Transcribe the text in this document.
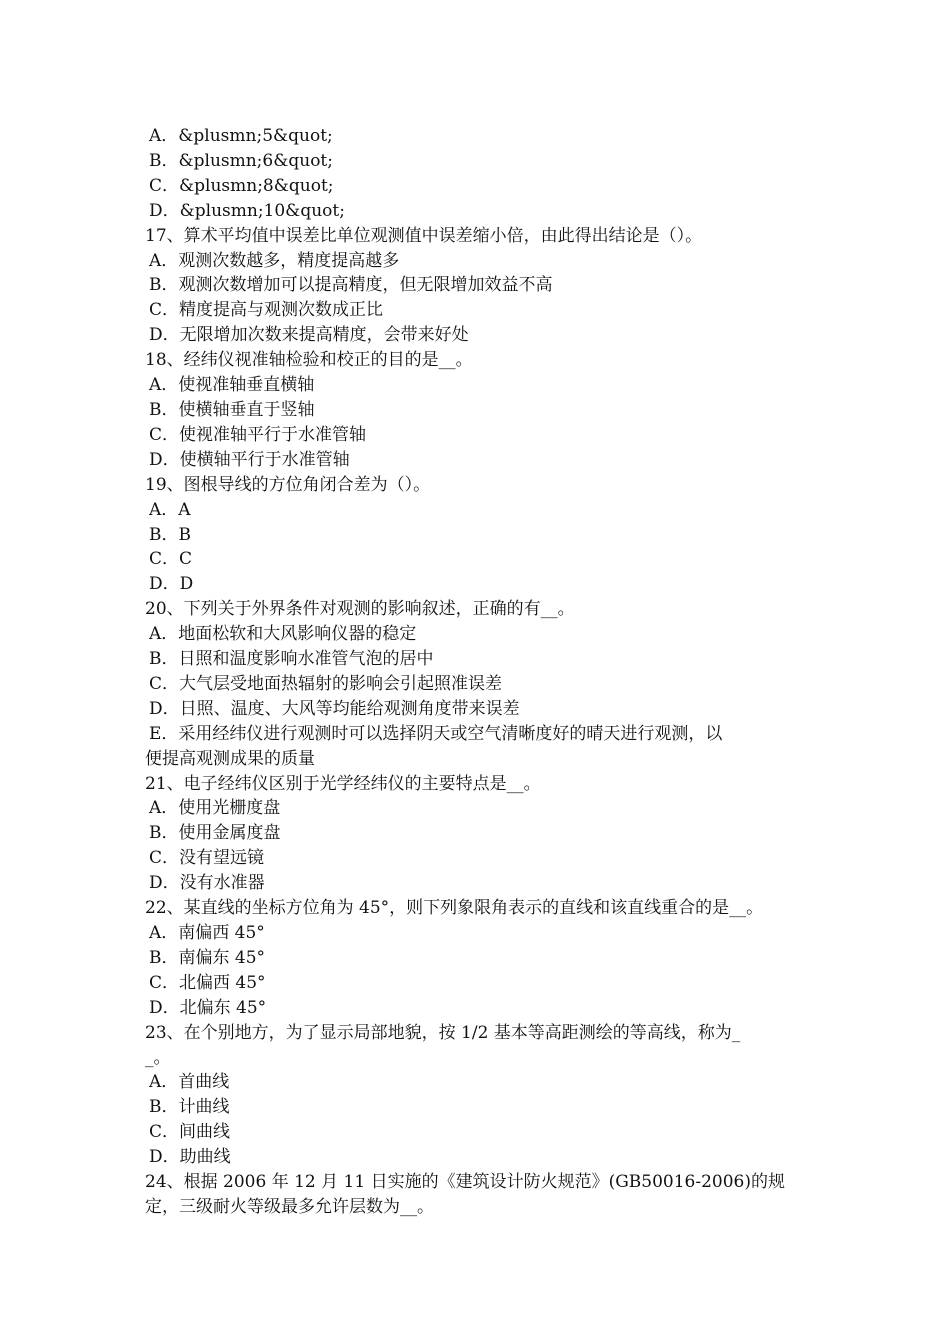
A．&plusmn;5&quot;
B．&plusmn;6&quot;
C．&plusmn;8&quot;
D．&plusmn;10&quot;
17、算术平均值中误差比单位观测值中误差缩小倍，由此得出结论是（）。
A．观测次数越多，精度提高越多
B．观测次数增加可以提高精度，但无限增加效益不高
C．精度提高与观测次数成正比
D．无限增加次数来提高精度，会带来好处
18、经纬仪视准轴检验和校正的目的是__。
A．使视准轴垂直横轴
B．使横轴垂直于竖轴
C．使视准轴平行于水准管轴
D．使横轴平行于水准管轴
19、图根导线的方位角闭合差为（）。
A．A
B．B
C．C
D．D
20、下列关于外界条件对观测的影响叙述，正确的有__。
A．地面松软和大风影响仪器的稳定
B．日照和温度影响水准管气泡的居中
C．大气层受地面热辐射的影响会引起照准误差
D．日照、温度、大风等均能给观测角度带来误差
E．采用经纬仪进行观测时可以选择阴天或空气清晰度好的晴天进行观测，以
便提高观测成果的质量
21、电子经纬仪区别于光学经纬仪的主要特点是__。
A．使用光栅度盘
B．使用金属度盘
C．没有望远镜
D．没有水准器
22、某直线的坐标方位角为 45°，则下列象限角表示的直线和该直线重合的是__。
A．南偏西 45°
B．南偏东 45°
C．北偏西 45°
D．北偏东 45°
23、在个别地方，为了显示局部地貌，按 1/2 基本等高距测绘的等高线，称为_
_。
A．首曲线
B．计曲线
C．间曲线
D．助曲线
24、根据 2006 年 12 月 11 日实施的《建筑设计防火规范》(GB50016-2006)的规
定，三级耐火等级最多允许层数为__。
